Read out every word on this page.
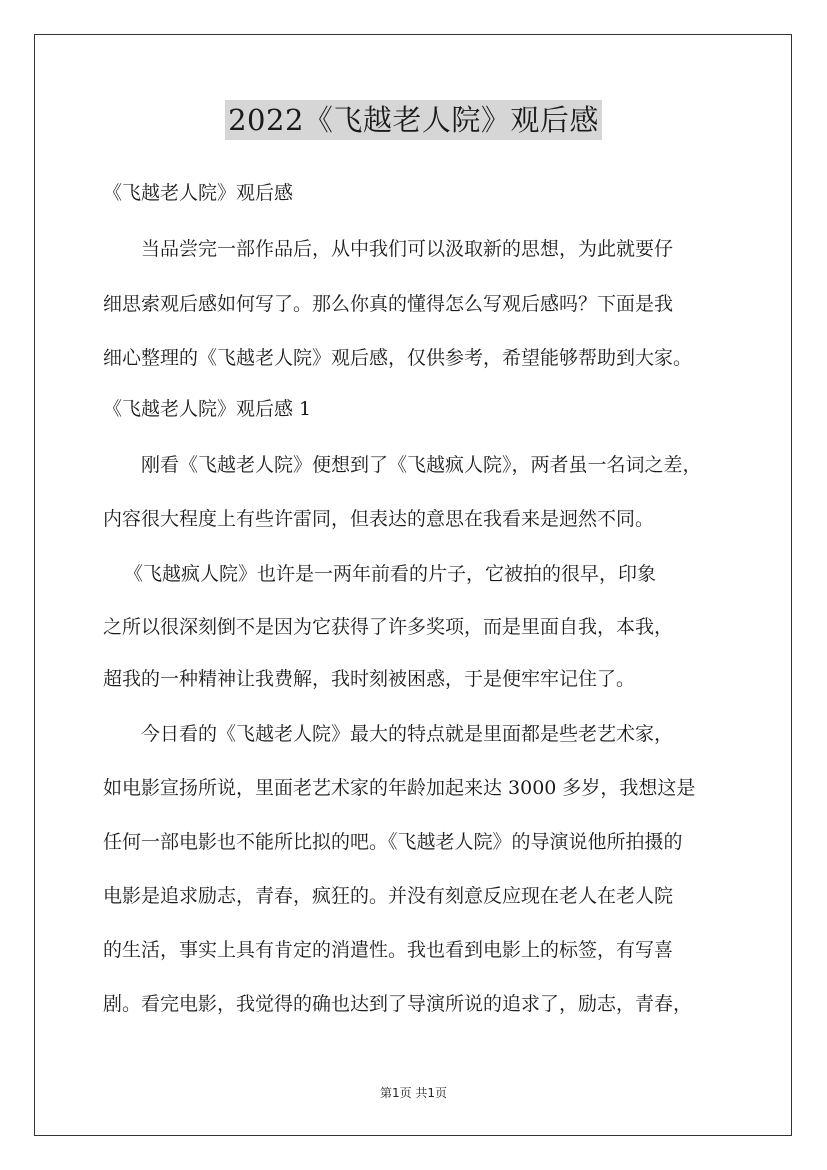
2022《飞越老人院》观后感
《飞越老人院》观后感
当品尝完一部作品后，从中我们可以汲取新的思想，为此就要仔
细思索观后感如何写了。那么你真的懂得怎么写观后感吗？下面是我
细心整理的《飞越老人院》观后感，仅供参考，希望能够帮助到大家。
《飞越老人院》观后感 1
刚看《飞越老人院》便想到了《飞越疯人院》，两者虽一名词之差，
内容很大程度上有些许雷同，但表达的意思在我看来是迥然不同。
《飞越疯人院》也许是一两年前看的片子，它被拍的很早，印象
之所以很深刻倒不是因为它获得了许多奖项，而是里面自我，本我，
超我的一种精神让我费解，我时刻被困惑，于是便牢牢记住了。
今日看的《飞越老人院》最大的特点就是里面都是些老艺术家，
如电影宣扬所说，里面老艺术家的年龄加起来达 3000 多岁，我想这是
任何一部电影也不能所比拟的吧。《飞越老人院》的导演说他所拍摄的
电影是追求励志，青春，疯狂的。并没有刻意反应现在老人在老人院
的生活，事实上具有肯定的消遣性。我也看到电影上的标签，有写喜
剧。看完电影，我觉得的确也达到了导演所说的追求了，励志，青春，
第1页 共1页
